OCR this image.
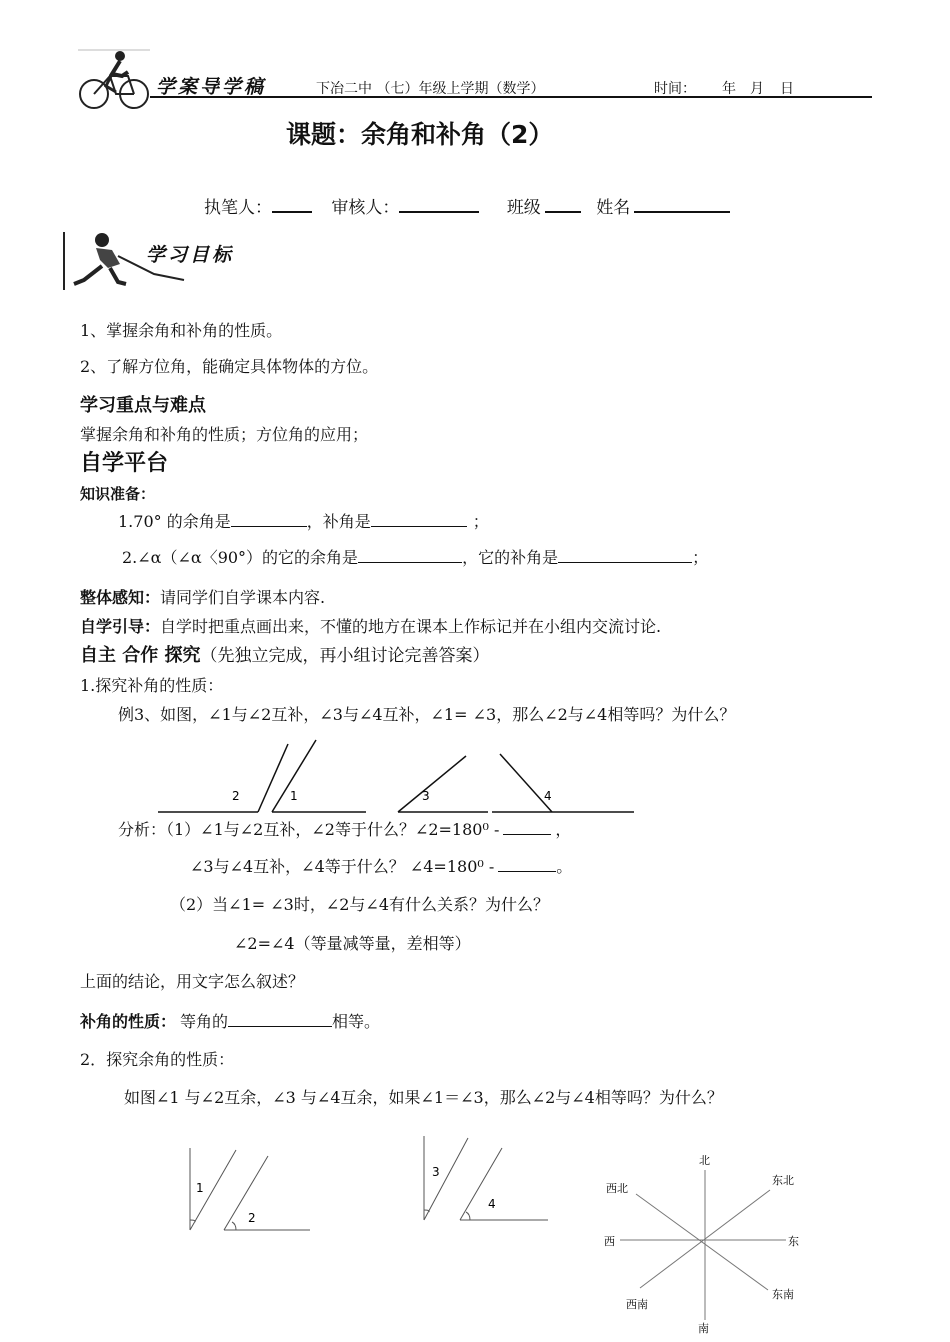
学案导学稿	下冶二中 （七）年级上学期（数学）	时间： 年 月 日
课题：余角和补角（2）
执笔人：	审核人：	班级	姓名
学习目标
1、掌握余角和补角的性质。
2、了解方位角，能确定具体物体的方位。
学习重点与难点
掌握余角和补角的性质；方位角的应用；
自学平台
知识准备：
1.70° 的余角是	，补角是	；
2.∠α（∠α〈90°）的它的余角是	，它的补角是	；
整体感知：请同学们自学课本内容.
自学引导：自学时把重点画出来，不懂的地方在课本上作标记并在小组内交流讨论.
自主 合作 探究（先独立完成，再小组讨论完善答案）
1.探究补角的性质：
例3、如图，∠1与∠2互补，∠3与∠4互补，∠1= ∠3，那么∠2与∠4相等吗？为什么？
2	1	3	4
分析：（1）∠1与∠2互补，∠2等于什么？∠2=180⁰ -	，
∠3与∠4互补，∠4等于什么？ ∠4=180⁰ -	。
（2）当∠1= ∠3时，∠2与∠4有什么关系？为什么？
∠2=∠4（等量减等量，差相等）
上面的结论，用文字怎么叙述？
补角的性质： 等角的	相等。
2．探究余角的性质：
如图∠1 与∠2互余，∠3 与∠4互余，如果∠1＝∠3，那么∠2与∠4相等吗？为什么？
1
2
3
4
北
东北
东
东南
南
西南
西
西北
